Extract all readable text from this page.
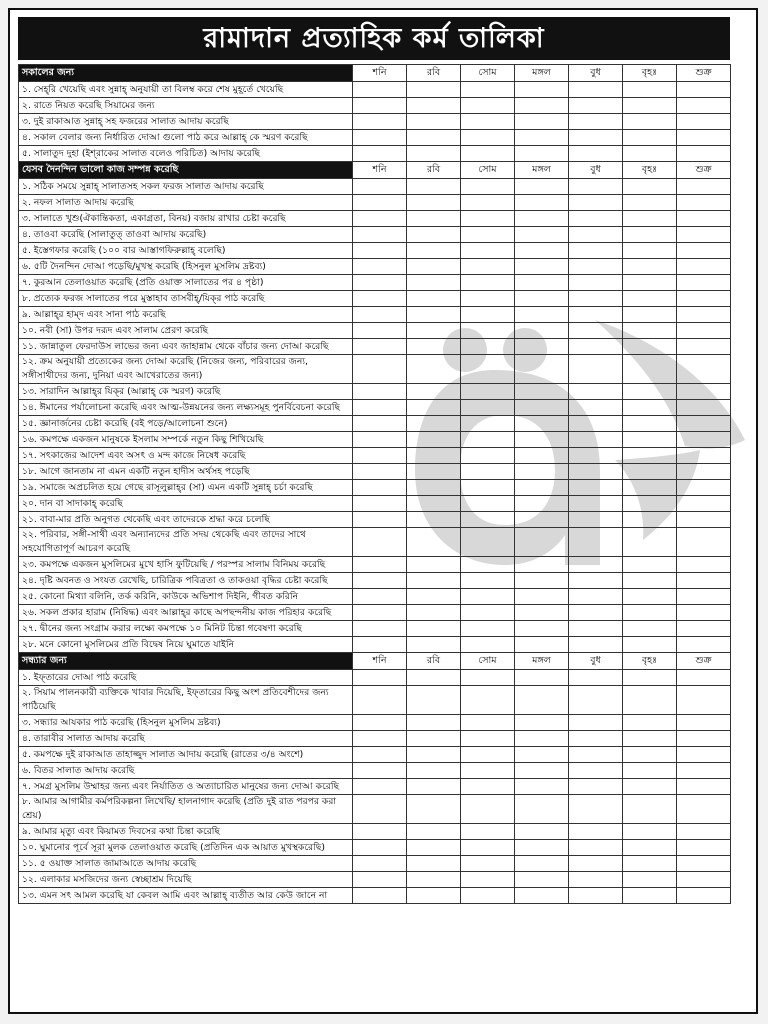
রামাদান প্রত্যাহিক কর্ম তালিকা
সকালের জন্য	শনি	রবি	সোম	মঙ্গল	বুধ	বৃহঃ	শুক্র
১. সেহ্‌রি খেয়েছি এবং সুন্নাহ্‌ অনুযায়ী তা বিলম্ব করে শেষ মুহূর্তে খেয়েছি							
২. রাতে নিয়ত করেছি সিয়ামের জন্য							
৩. দুই রাকাআত সুন্নাহ্‌ সহ ফজরের সালাত আদায় করেছি							
৪. সকাল বেলার জন্য নির্ধারিত দোআ গুলো পাঠ করে আল্লাহ্‌ কে স্মরণ করেছি							
৫. সালাতুদ দুহা (ইশ্‌রাকের সালাত বলেও পরিচিত) আদায় করেছি							
যেসব দৈনন্দিন ভালো কাজ সম্পন্ন করেছি	শনি	রবি	সোম	মঙ্গল	বুধ	বৃহঃ	শুক্র
১. সঠিক সময়ে সুন্নাহ্‌ সালাতসহ সকল ফরজ সালাত আদায় করেছি							
২. নফল সালাত আদায় করেছি							
৩. সালাতে খুশু(ঐকান্তিকতা, একাগ্রতা, বিনয়) বজায় রাখার চেষ্টা করেছি							
৪. তাওবা করেছি (সালাতুত্‌ তাওবা আদায় করেছি)							
৫. ইস্তেগফার করেছি (১০০ বার আস্তাগফিরুল্লাহ্‌ বলেছি)							
৬. ৫টি দৈনন্দিন দোআ পড়েছি/মুখস্থ করেছি (হিসনুল মুসলিম দ্রষ্টব্য)							
৭. কুরআন তেলাওয়াত করেছি (প্রতি ওয়াক্ত সালাতের পর ৪ পৃষ্ঠা)							
৮. প্রত্যেক ফরজ সালাতের পরে মুস্তাহাব তাসবীহ্‌/যিক্‌র পাঠ করেছি							
৯. আল্লাহ্‌র হাম্‌দ এবং সানা পাঠ করেছি							
১০. নবী (সা) উপর দরূদ এবং সালাম প্রেরণ করেছি							
১১. জান্নাতুল ফেরদাউস লাভের জন্য এবং জাহান্নাম থেকে বাঁচার জন্য দোআ করেছি							
১২. ক্রম অনুযায়ী প্রত্যেকের জন্য দোআ করেছি (নিজের জন্য, পরিবারের জন্য, সঙ্গীসাথীদের জন্য, দুনিয়া এবং আখেরাতের জন্য)							
১৩. সারাদিন আল্লাহ্‌র যিক্‌র (আল্লাহ্‌ কে স্মরণ) করেছি							
১৪. ঈমানের পর্যালোচনা করেছি এবং আত্ম-উন্নয়নের জন্য লক্ষ্যসমূহ পুনর্বিবেচনা করেছি							
১৫. জ্ঞানার্জনের চেষ্টা করেছি (বই পড়ে/আলোচনা শুনে)							
১৬. কমপক্ষে একজন মানুষকে ইসলাম সম্পর্কে নতুন কিছু শিখিয়েছি							
১৭. সৎকাজের আদেশ এবং অসৎ ও মন্দ কাজে নিষেধ করেছি							
১৮. আগে জানতাম না এমন একটি নতুন হাদীস অর্থসহ পড়েছি							
১৯. সমাজে অপ্রচলিত হয়ে গেছে রাসূলুল্লাহ্‌র (সা) এমন একটি সুন্নাহ্‌ চর্চা করেছি							
২০. দান বা সাদাকাহ্‌ করেছি							
২১. বাবা-মার প্রতি অনুগত থেকেছি এবং তাদেরকে শ্রদ্ধা করে চলেছি							
২২. পরিবার, সঙ্গী-সাথী এবং অন্যান্যদের প্রতি সদয় থেকেছি এবং তাদের সাথে সহযোগিতাপূর্ণ আচরণ করেছি							
২৩. কমপক্ষে একজন মুসলিমের মুখে হাসি ফুটিয়েছি / পরস্পর সালাম বিনিময় করেছি							
২৪. দৃষ্টি অবনত ও সংযত রেখেছি, চারিত্রিক পবিত্রতা ও তাকওয়া বৃদ্ধির চেষ্টা করেছি							
২৫. কোনো মিথ্যা বলিনি, তর্ক করিনি, কাউকে অভিশাপ দিইনি, গীবত করিনি							
২৬. সকল প্রকার হারাম (নিষিদ্ধ) এবং আল্লাহ্‌র কাছে অপছন্দনীয় কাজ পরিহার করেছি							
২৭. দ্বীনের জন্য সংগ্রাম করার লক্ষ্যে কমপক্ষে ১০ মিনিট চিন্তা গবেষণা করেছি							
২৮. মনে কোনো মুসলিমের প্রতি বিদ্বেষ নিয়ে ঘুমাতে যাইনি							
সন্ধ্যার জন্য	শনি	রবি	সোম	মঙ্গল	বুধ	বৃহঃ	শুক্র
১. ইফ্‌তারের দোআ পাঠ করেছি							
২. সিয়াম পালনকারী ব্যক্তিকে খাবার দিয়েছি, ইফ্‌তারের কিছু অংশ প্রতিবেশীদের জন্য পাঠিয়েছি							
৩. সন্ধ্যার আযকার পাঠ করেছি (হিসনুল মুসলিম দ্রষ্টব্য)							
৪. তারাবীর সালাত আদায় করেছি							
৫. কমপক্ষে দুই রাকাআত তাহাজ্জুদ সালাত আদায় করেছি (রাতের ৩/৪ অংশে)							
৬. বিতর সালাত আদায় করেছি							
৭. সমগ্র মুসলিম উম্মাহর জন্য এবং নির্যাতিত ও অত্যাচারিত মানুষের জন্য দোআ করেছি							
৮. আমার আগামীর কর্মপরিকল্পনা লিখেছি/ হালনাগাদ করেছি (প্রতি দুই রাত পরপর করা শ্রেয়)							
৯. আমার মৃত্যু এবং কিয়ামত দিবসের কথা চিন্তা করেছি							
১০. ঘুমানোর পূর্বে সূরা মুলক তেলাওয়াত করেছি (প্রতিদিন এক আয়াত মুখস্থকরেছি)							
১১. ৫ ওয়াক্ত সালাত জামাআতে আদায় করেছি							
১২. এলাকার মসজিদের জন্য স্বেচ্ছাশ্রম দিয়েছি							
১৩. এমন সৎ আমল করেছি যা কেবল আমি এবং আল্লাহ্‌ ব্যতীত আর কেউ জানে না							
